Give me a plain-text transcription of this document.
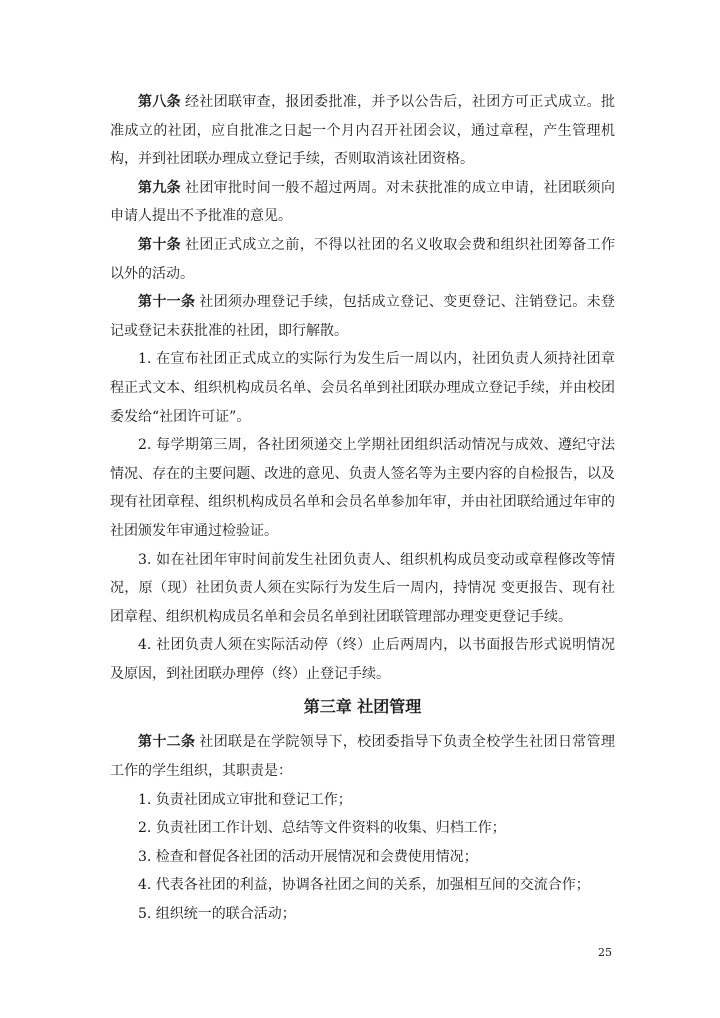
第八条 经社团联审查，报团委批准，并予以公告后，社团方可正式成立。批准成立的社团，应自批准之日起一个月内召开社团会议，通过章程，产生管理机构，并到社团联办理成立登记手续，否则取消该社团资格。

第九条 社团审批时间一般不超过两周。对未获批准的成立申请，社团联须向申请人提出不予批准的意见。

第十条 社团正式成立之前，不得以社团的名义收取会费和组织社团筹备工作以外的活动。

第十一条 社团须办理登记手续，包括成立登记、变更登记、注销登记。未登记或登记未获批准的社团，即行解散。

1. 在宣布社团正式成立的实际行为发生后一周以内，社团负责人须持社团章程正式文本、组织机构成员名单、会员名单到社团联办理成立登记手续，并由校团委发给“社团许可证”。

2. 每学期第三周，各社团须递交上学期社团组织活动情况与成效、遵纪守法情况、存在的主要问题、改进的意见、负责人签名等为主要内容的自检报告，以及现有社团章程、组织机构成员名单和会员名单参加年审，并由社团联给通过年审的社团颁发年审通过检验证。

3. 如在社团年审时间前发生社团负责人、组织机构成员变动或章程修改等情况，原（现）社团负责人须在实际行为发生后一周内，持情况 变更报告、现有社团章程、组织机构成员名单和会员名单到社团联管理部办理变更登记手续。

4. 社团负责人须在实际活动停（终）止后两周内，以书面报告形式说明情况及原因，到社团联办理停（终）止登记手续。

第三章 社团管理

第十二条 社团联是在学院领导下，校团委指导下负责全校学生社团日常管理工作的学生组织，其职责是：

1. 负责社团成立审批和登记工作；

2. 负责社团工作计划、总结等文件资料的收集、归档工作；

3. 检查和督促各社团的活动开展情况和会费使用情况；

4. 代表各社团的利益，协调各社团之间的关系，加强相互间的交流合作；

5. 组织统一的联合活动；

25
